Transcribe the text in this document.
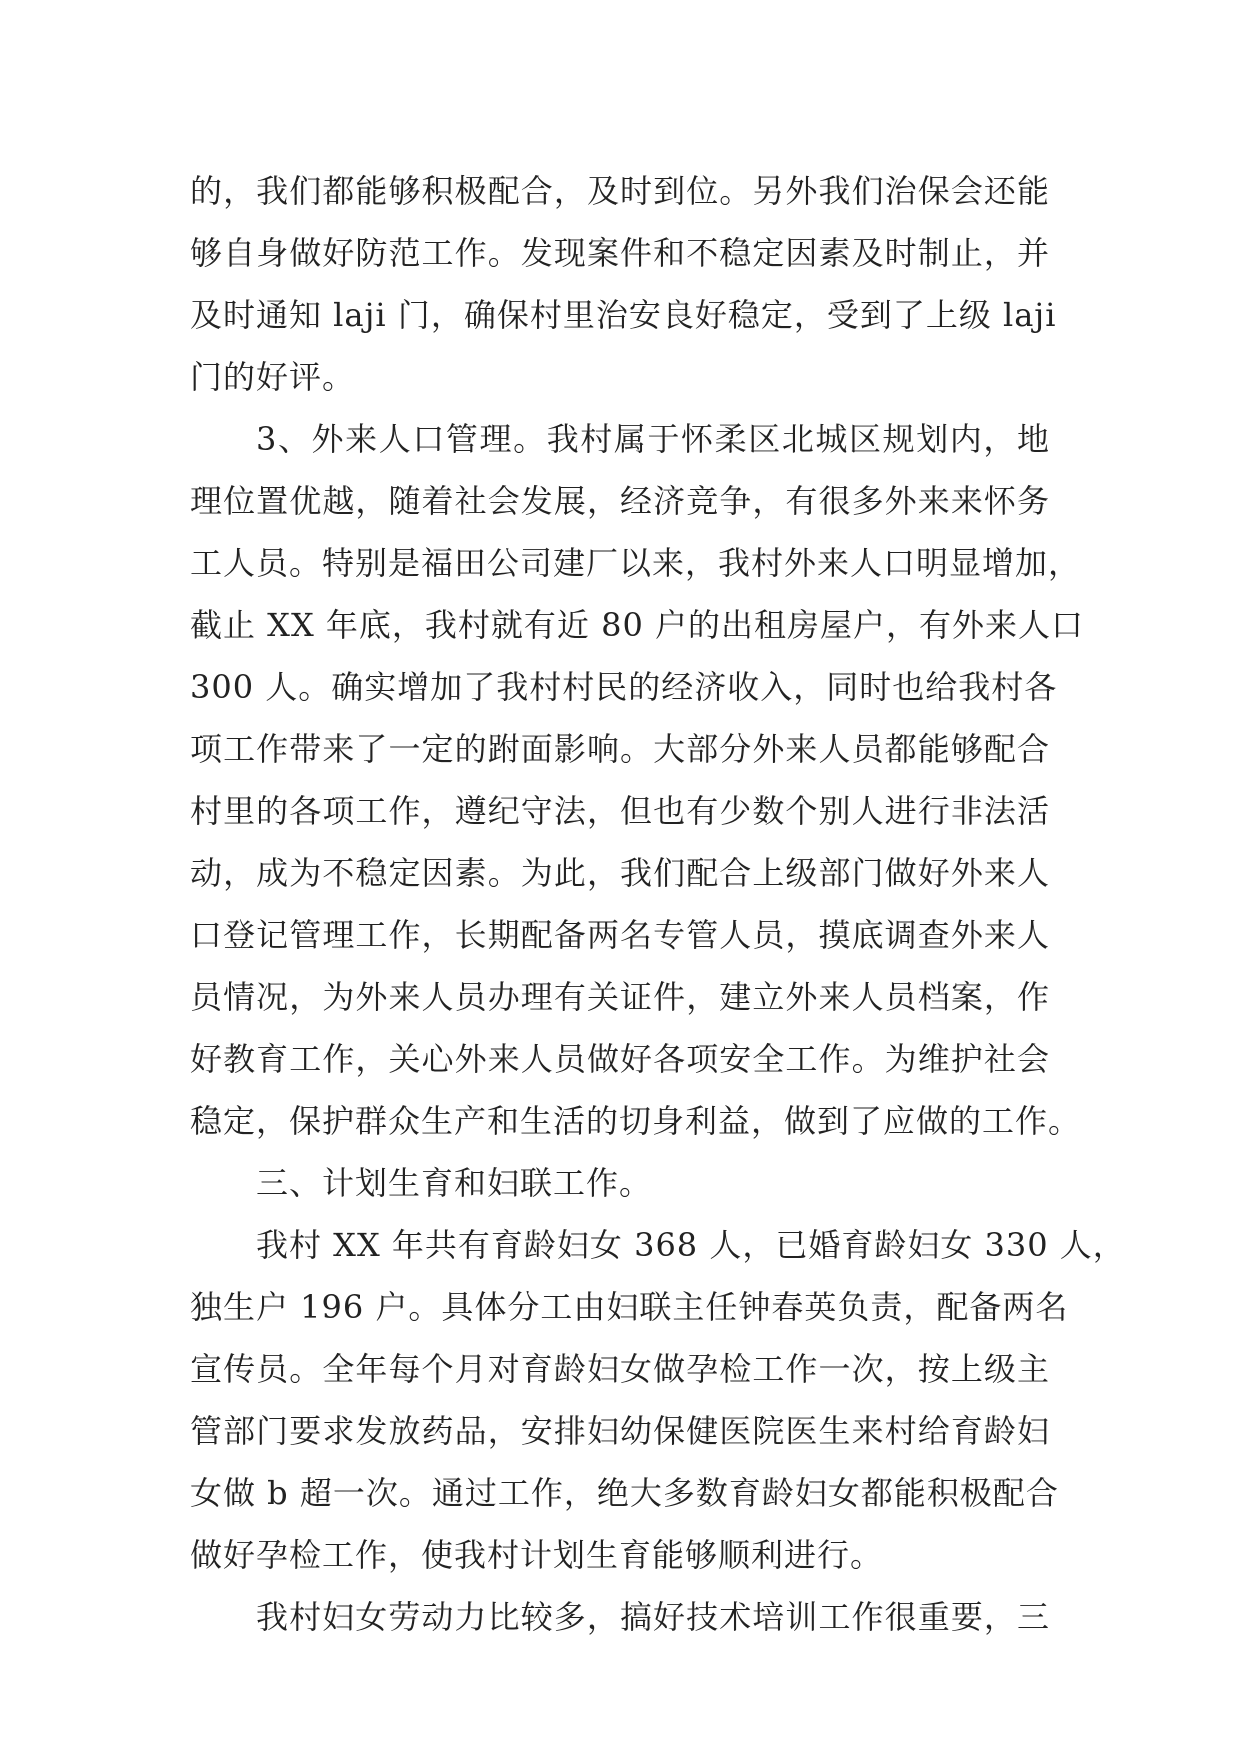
的，我们都能够积极配合，及时到位。另外我们治保会还能
够自身做好防范工作。发现案件和不稳定因素及时制止，并
及时通知 laji 门，确保村里治安良好稳定，受到了上级 laji
门的好评。
3、外来人口管理。我村属于怀柔区北城区规划内，地
理位置优越，随着社会发展，经济竞争，有很多外来来怀务
工人员。特别是福田公司建厂以来，我村外来人口明显增加，
截止 XX 年底，我村就有近 80 户的出租房屋户，有外来人口
300 人。确实增加了我村村民的经济收入，同时也给我村各
项工作带来了一定的跗面影响。大部分外来人员都能够配合
村里的各项工作，遵纪守法，但也有少数个别人进行非法活
动，成为不稳定因素。为此，我们配合上级部门做好外来人
口登记管理工作，长期配备两名专管人员，摸底调查外来人
员情况，为外来人员办理有关证件，建立外来人员档案，作
好教育工作，关心外来人员做好各项安全工作。为维护社会
稳定，保护群众生产和生活的切身利益，做到了应做的工作。
三、计划生育和妇联工作。
我村 XX 年共有育龄妇女 368 人，已婚育龄妇女 330 人，
独生户 196 户。具体分工由妇联主任钟春英负责，配备两名
宣传员。全年每个月对育龄妇女做孕检工作一次，按上级主
管部门要求发放药品，安排妇幼保健医院医生来村给育龄妇
女做 b 超一次。通过工作，绝大多数育龄妇女都能积极配合
做好孕检工作，使我村计划生育能够顺利进行。
我村妇女劳动力比较多，搞好技术培训工作很重要，三
